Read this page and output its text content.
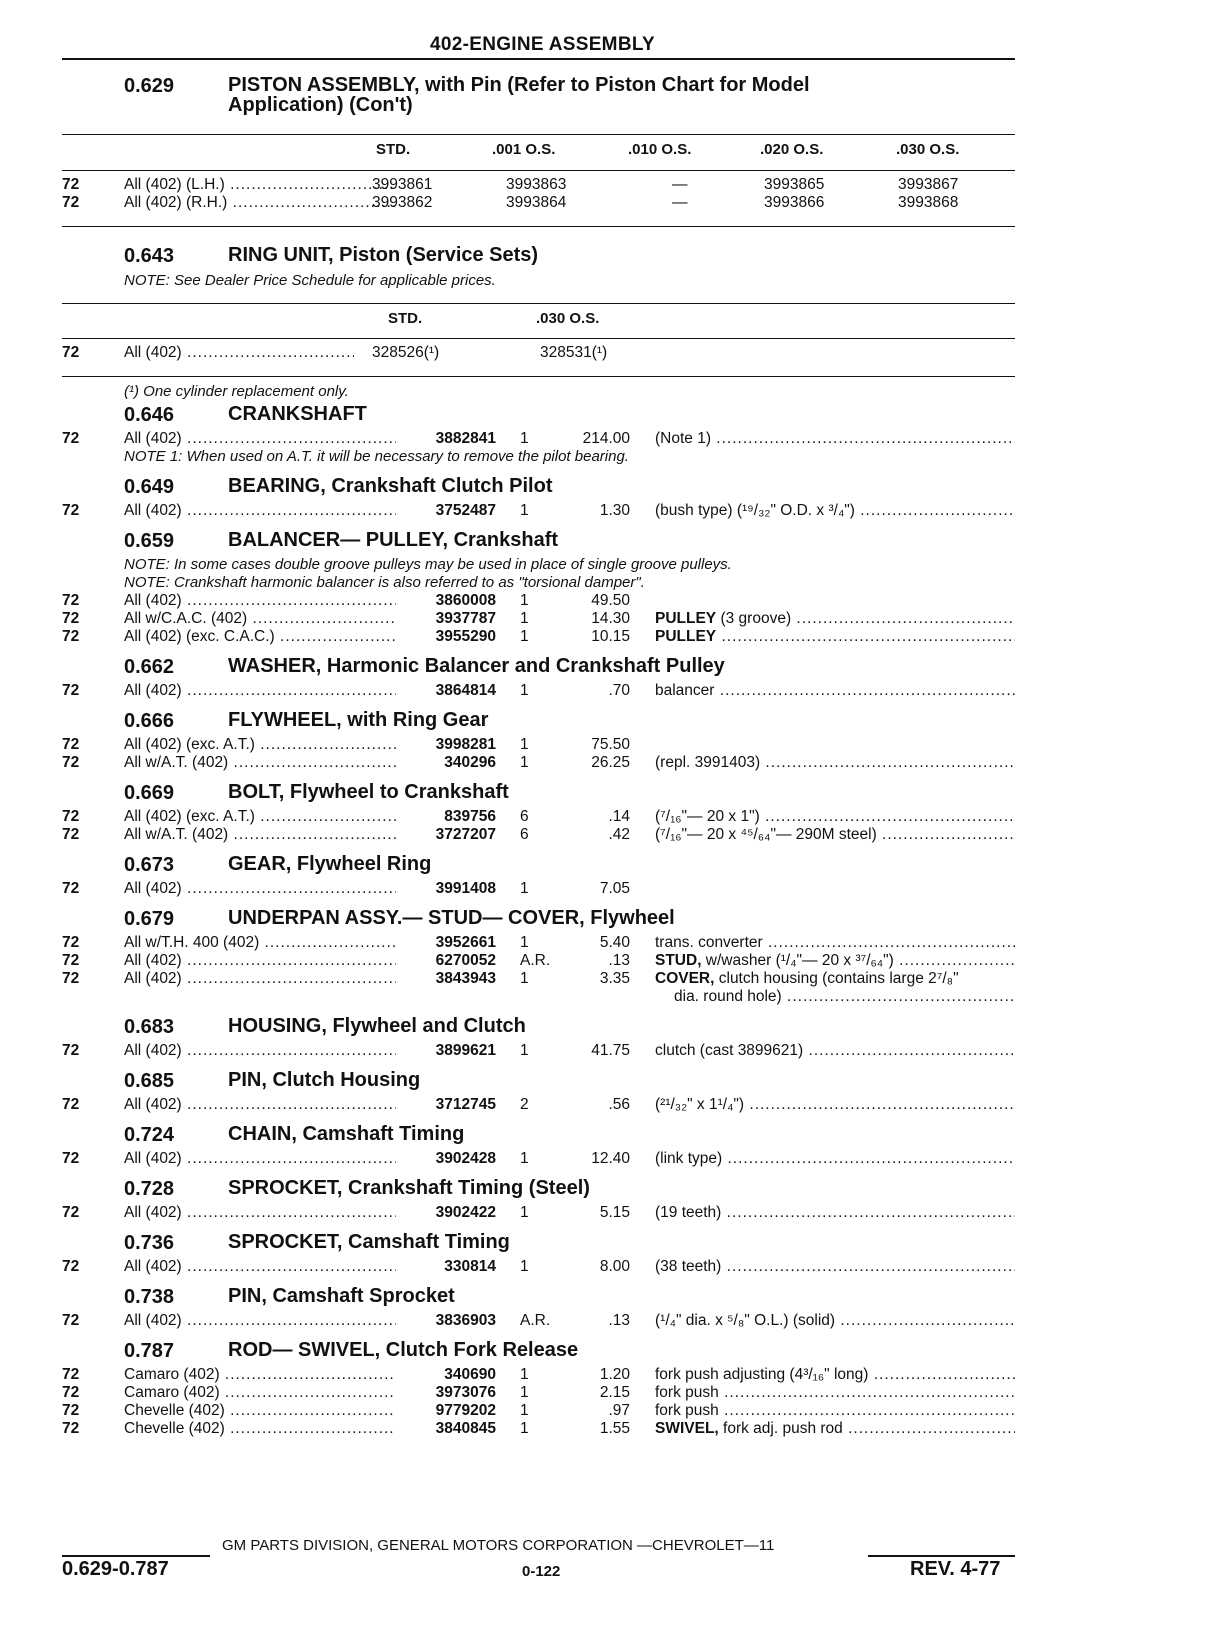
402-ENGINE ASSEMBLY
0.629	PISTON ASSEMBLY, with Pin (Refer to Piston Chart for Model
Application) (Con't)
STD.	.001 O.S.	.010 O.S.	.020 O.S.	.030 O.S.
72	All (402) (L.H.) .....	3993861	3993863	—	3993865	3993867
72	All (402) (R.H.) .....	3993862	3993864	—	3993866	3993868
0.643	RING UNIT, Piston (Service Sets)
NOTE: See Dealer Price Schedule for applicable prices.
STD.	.030 O.S.
72	All (402) .....	328526(¹)	328531(¹)
(¹) One cylinder replacement only.
0.646	CRANKSHAFT
72	All (402) .....	3882841 1	214.00 (Note 1) .....
NOTE 1: When used on A.T. it will be necessary to remove the pilot bearing.
0.649	BEARING, Crankshaft Clutch Pilot
72	All (402) .....	3752487 1	1.30 (bush type) (¹⁹/₃₂" O.D. x ³/₄") .....
0.659	BALANCER— PULLEY, Crankshaft
NOTE: In some cases double groove pulleys may be used in place of single groove pulleys.
NOTE: Crankshaft harmonic balancer is also referred to as "torsional damper".
72	All (402) .....	3860008 1	49.50
72	All w/C.A.C. (402) .....	3937787 1	14.30 PULLEY (3 groove) .....
72	All (402) (exc. C.A.C.) .....	3955290 1	10.15 PULLEY .....
0.662	WASHER, Harmonic Balancer and Crankshaft Pulley
72	All (402) .....	3864814 1	.70 balancer .....
0.666	FLYWHEEL, with Ring Gear
72	All (402) (exc. A.T.) .....	3998281 1	75.50
72	All w/A.T. (402) .....	340296 1	26.25 (repl. 3991403) .....
0.669	BOLT, Flywheel to Crankshaft
72	All (402) (exc. A.T.) .....	839756 6	.14 (⁷/₁₆"— 20 x 1") .....
72	All w/A.T. (402) .....	3727207 6	.42 (⁷/₁₆"— 20 x ⁴⁵/₆₄"— 290M steel) .....
0.673	GEAR, Flywheel Ring
72	All (402) .....	3991408 1	7.05
0.679	UNDERPAN ASSY.— STUD— COVER, Flywheel
72	All w/T.H. 400 (402) .....	3952661 1	5.40 trans. converter .....
72	All (402) .....	6270052 A.R.	.13 STUD, w/washer (¹/₄"— 20 x ³⁷/₆₄") .....
72	All (402) .....	3843943 1	3.35 COVER, clutch housing (contains large 2⁷/₈"
dia. round hole) .....
0.683	HOUSING, Flywheel and Clutch
72	All (402) .....	3899621 1	41.75 clutch (cast 3899621) .....
0.685	PIN, Clutch Housing
72	All (402) .....	3712745 2	.56 (²¹/₃₂" x 1¹/₄") .....
0.724	CHAIN, Camshaft Timing
72	All (402) .....	3902428 1	12.40 (link type) .....
0.728	SPROCKET, Crankshaft Timing (Steel)
72	All (402) .....	3902422 1	5.15 (19 teeth) .....
0.736	SPROCKET, Camshaft Timing
72	All (402) .....	330814 1	8.00 (38 teeth) .....
0.738	PIN, Camshaft Sprocket
72	All (402) .....	3836903 A.R.	.13 (¹/₄" dia. x ⁵/₈" O.L.) (solid) .....
0.787	ROD— SWIVEL, Clutch Fork Release
72	Camaro (402) .....	340690 1	1.20 fork push adjusting (4³/₁₆" long) .....
72	Camaro (402) .....	3973076 1	2.15 fork push .....
72	Chevelle (402) .....	9779202 1	.97 fork push .....
72	Chevelle (402) .....	3840845 1	1.55 SWIVEL, fork adj. push rod .....
GM PARTS DIVISION, GENERAL MOTORS CORPORATION —CHEVROLET—11
0.629-0.787	0-122	REV. 4-77
